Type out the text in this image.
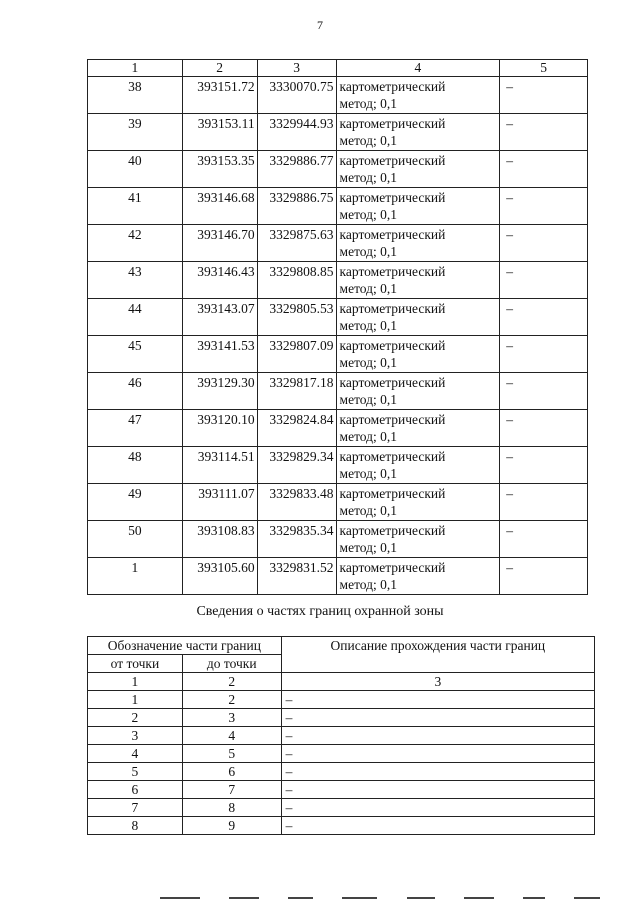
7
1	2	3	4	5
38	393151.72	3330070.75	картометрический
метод; 0,1	–
39	393153.11	3329944.93	картометрический
метод; 0,1	–
40	393153.35	3329886.77	картометрический
метод; 0,1	–
41	393146.68	3329886.75	картометрический
метод; 0,1	–
42	393146.70	3329875.63	картометрический
метод; 0,1	–
43	393146.43	3329808.85	картометрический
метод; 0,1	–
44	393143.07	3329805.53	картометрический
метод; 0,1	–
45	393141.53	3329807.09	картометрический
метод; 0,1	–
46	393129.30	3329817.18	картометрический
метод; 0,1	–
47	393120.10	3329824.84	картометрический
метод; 0,1	–
48	393114.51	3329829.34	картометрический
метод; 0,1	–
49	393111.07	3329833.48	картометрический
метод; 0,1	–
50	393108.83	3329835.34	картометрический
метод; 0,1	–
1	393105.60	3329831.52	картометрический
метод; 0,1	–
Сведения о частях границ охранной зоны
Обозначение части границ		Описание прохождения части границ
от точки	до точки	
1	2	3
1	2	–
2	3	–
3	4	–
4	5	–
5	6	–
6	7	–
7	8	–
8	9	–
